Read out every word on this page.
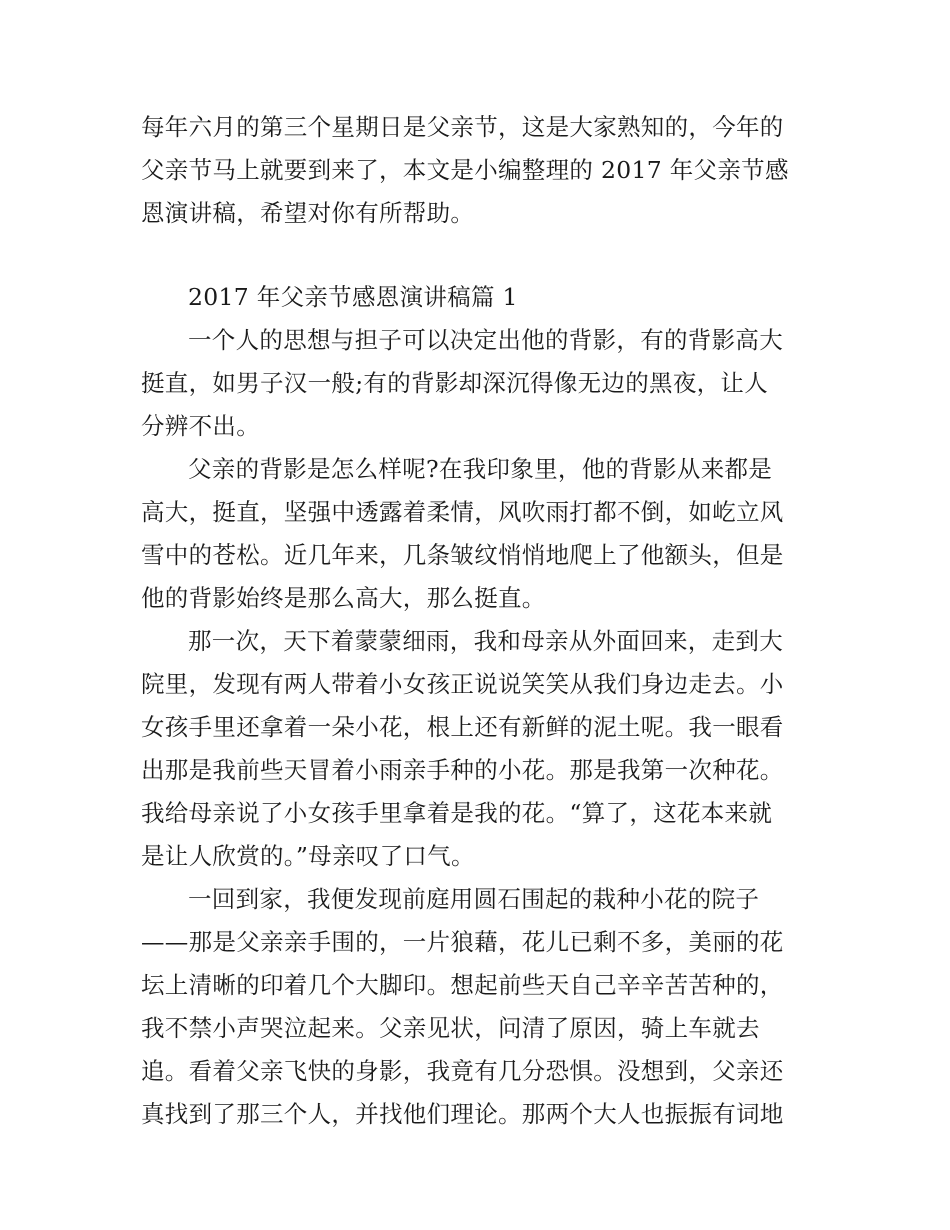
每年六月的第三个星期日是父亲节，这是大家熟知的，今年的
父亲节马上就要到来了，本文是小编整理的 2017 年父亲节感
恩演讲稿，希望对你有所帮助。
2017 年父亲节感恩演讲稿篇 1
一个人的思想与担子可以决定出他的背影，有的背影高大
挺直，如男子汉一般;有的背影却深沉得像无边的黑夜，让人
分辨不出。
父亲的背影是怎么样呢?在我印象里，他的背影从来都是
高大，挺直，坚强中透露着柔情，风吹雨打都不倒，如屹立风
雪中的苍松。近几年来，几条皱纹悄悄地爬上了他额头，但是
他的背影始终是那么高大，那么挺直。
那一次，天下着蒙蒙细雨，我和母亲从外面回来，走到大
院里，发现有两人带着小女孩正说说笑笑从我们身边走去。小
女孩手里还拿着一朵小花，根上还有新鲜的泥土呢。我一眼看
出那是我前些天冒着小雨亲手种的小花。那是我第一次种花。
我给母亲说了小女孩手里拿着是我的花。“算了，这花本来就
是让人欣赏的。”母亲叹了口气。
一回到家，我便发现前庭用圆石围起的栽种小花的院子
——那是父亲亲手围的，一片狼藉，花儿已剩不多，美丽的花
坛上清晰的印着几个大脚印。想起前些天自己辛辛苦苦种的，
我不禁小声哭泣起来。父亲见状，问清了原因，骑上车就去
追。看着父亲飞快的身影，我竟有几分恐惧。没想到，父亲还
真找到了那三个人，并找他们理论。那两个大人也振振有词地
